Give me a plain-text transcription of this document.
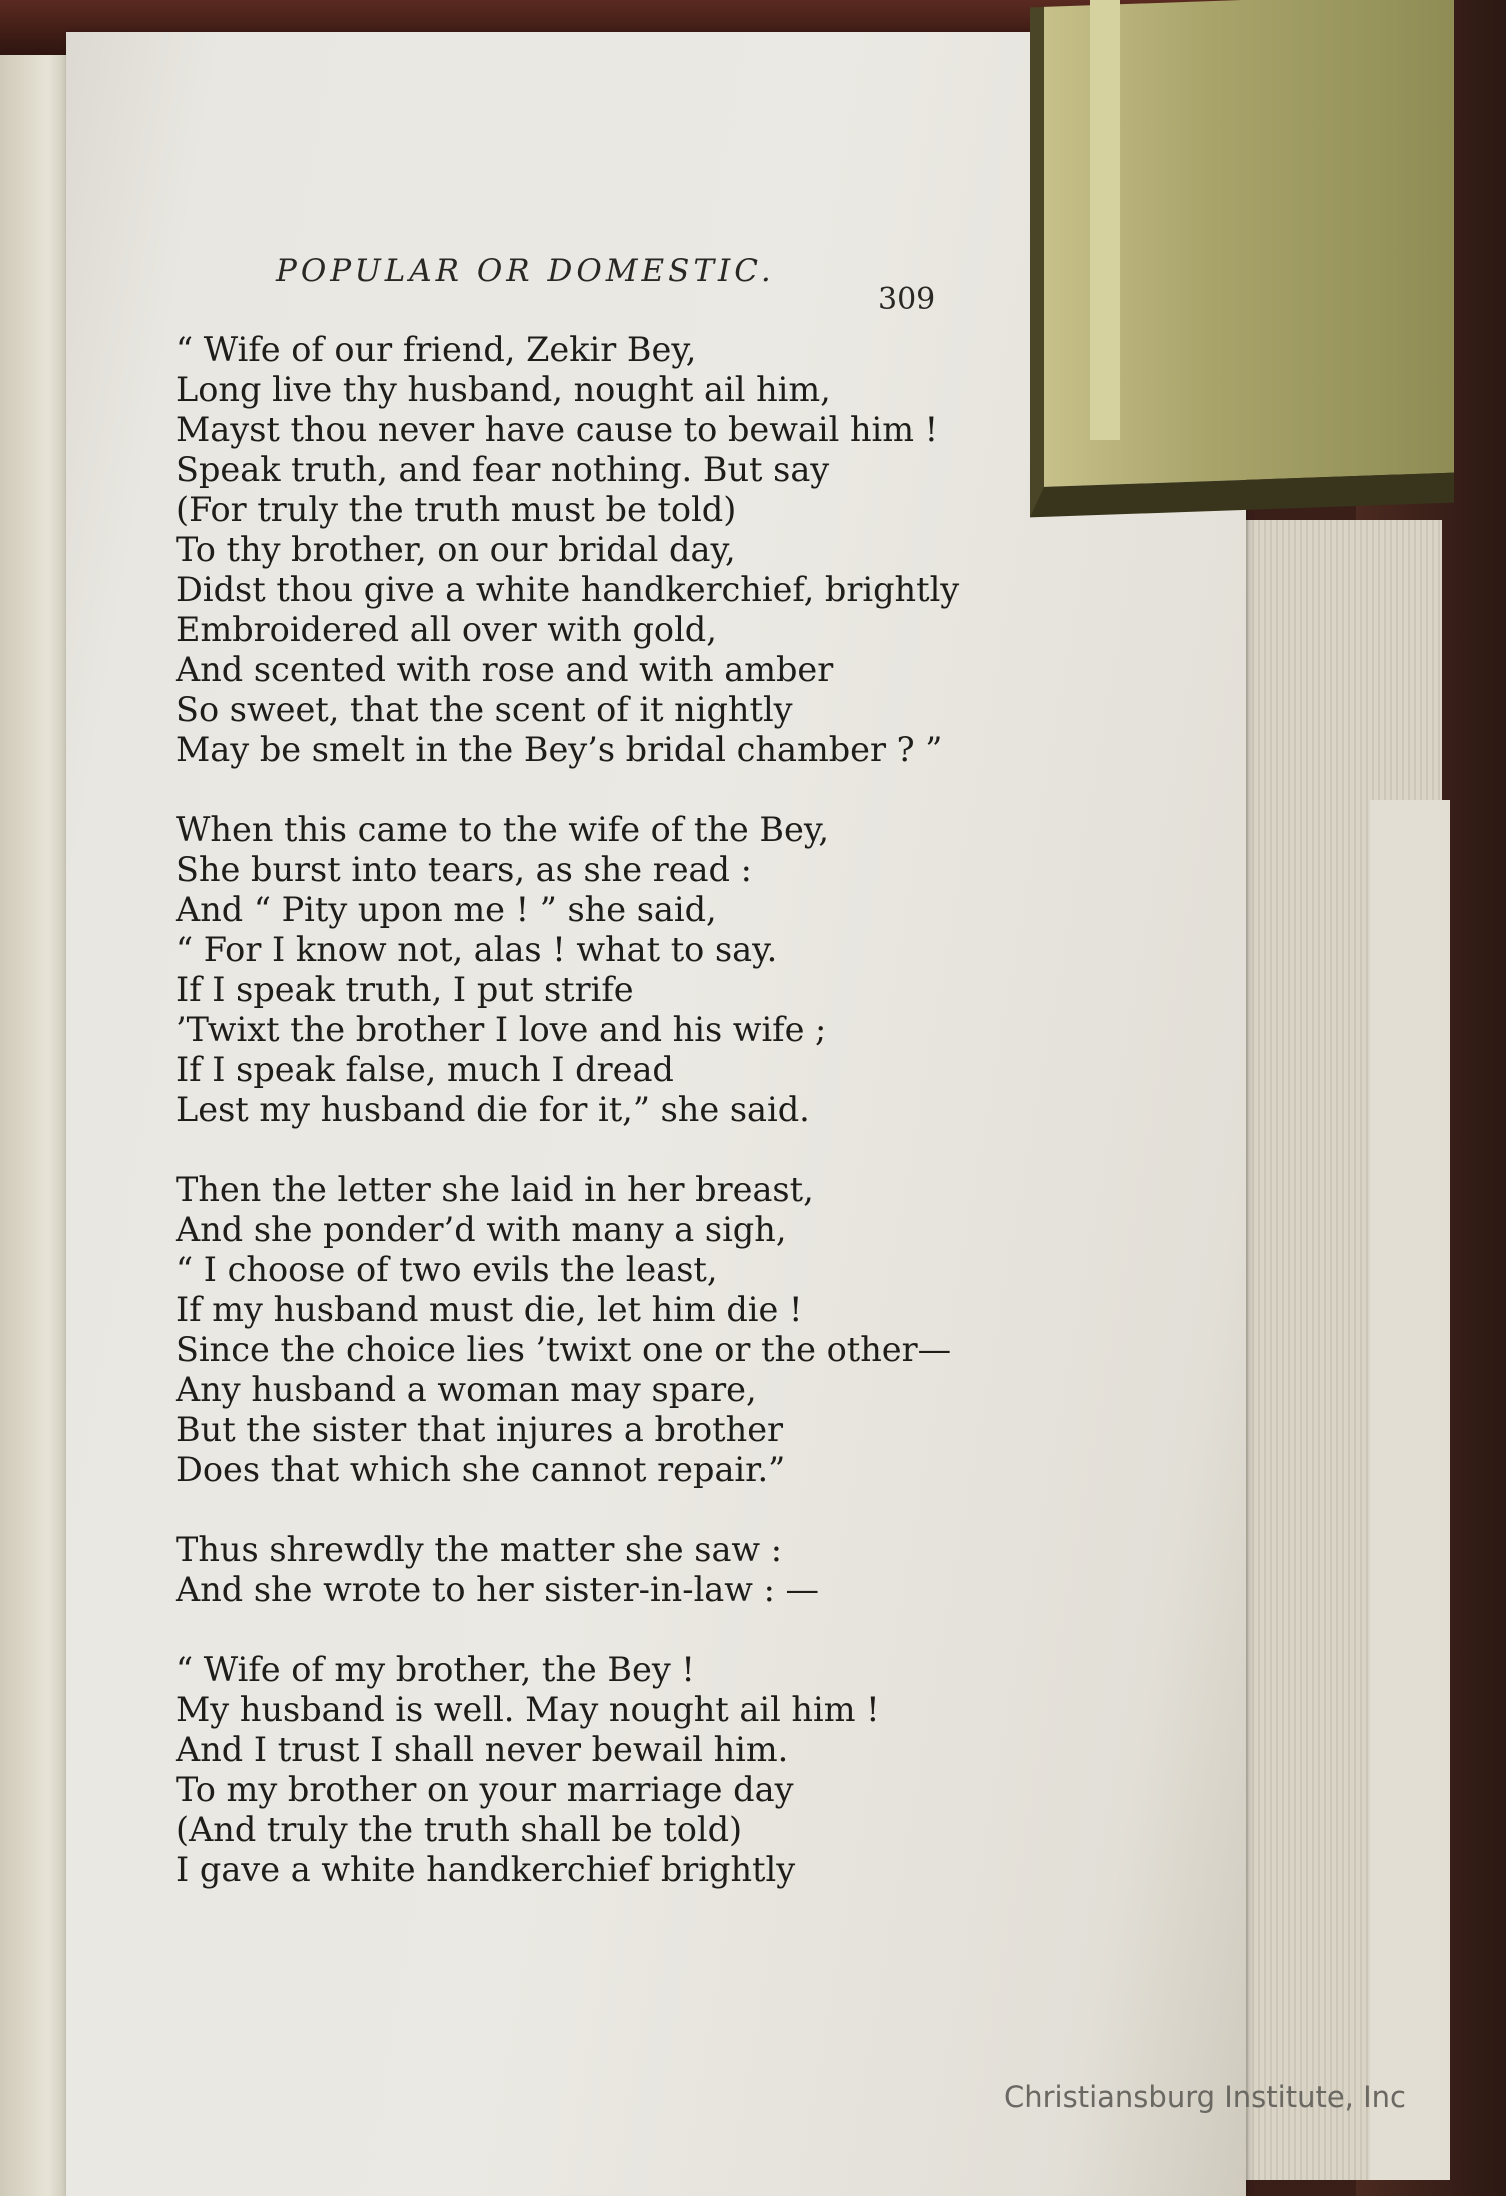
POPULAR OR DOMESTIC.
309
“ Wife of our friend, Zekir Bey,
Long live thy husband, nought ail him,
Mayst thou never have cause to bewail him !
Speak truth, and fear nothing. But say
(For truly the truth must be told)
To thy brother, on our bridal day,
Didst thou give a white handkerchief, brightly
Embroidered all over with gold,
And scented with rose and with amber
So sweet, that the scent of it nightly
May be smelt in the Bey’s bridal chamber ? ”
When this came to the wife of the Bey,
She burst into tears, as she read :
And “ Pity upon me ! ” she said,
“ For I know not, alas ! what to say.
If I speak truth, I put strife
’Twixt the brother I love and his wife ;
If I speak false, much I dread
Lest my husband die for it,” she said.
Then the letter she laid in her breast,
And she ponder’d with many a sigh,
“ I choose of two evils the least,
If my husband must die, let him die !
Since the choice lies ’twixt one or the other—
Any husband a woman may spare,
But the sister that injures a brother
Does that which she cannot repair.”
Thus shrewdly the matter she saw :
And she wrote to her sister-in-law : —
“ Wife of my brother, the Bey !
My husband is well. May nought ail him !
And I trust I shall never bewail him.
To my brother on your marriage day
(And truly the truth shall be told)
I gave a white handkerchief brightly
Christiansburg Institute, Inc
